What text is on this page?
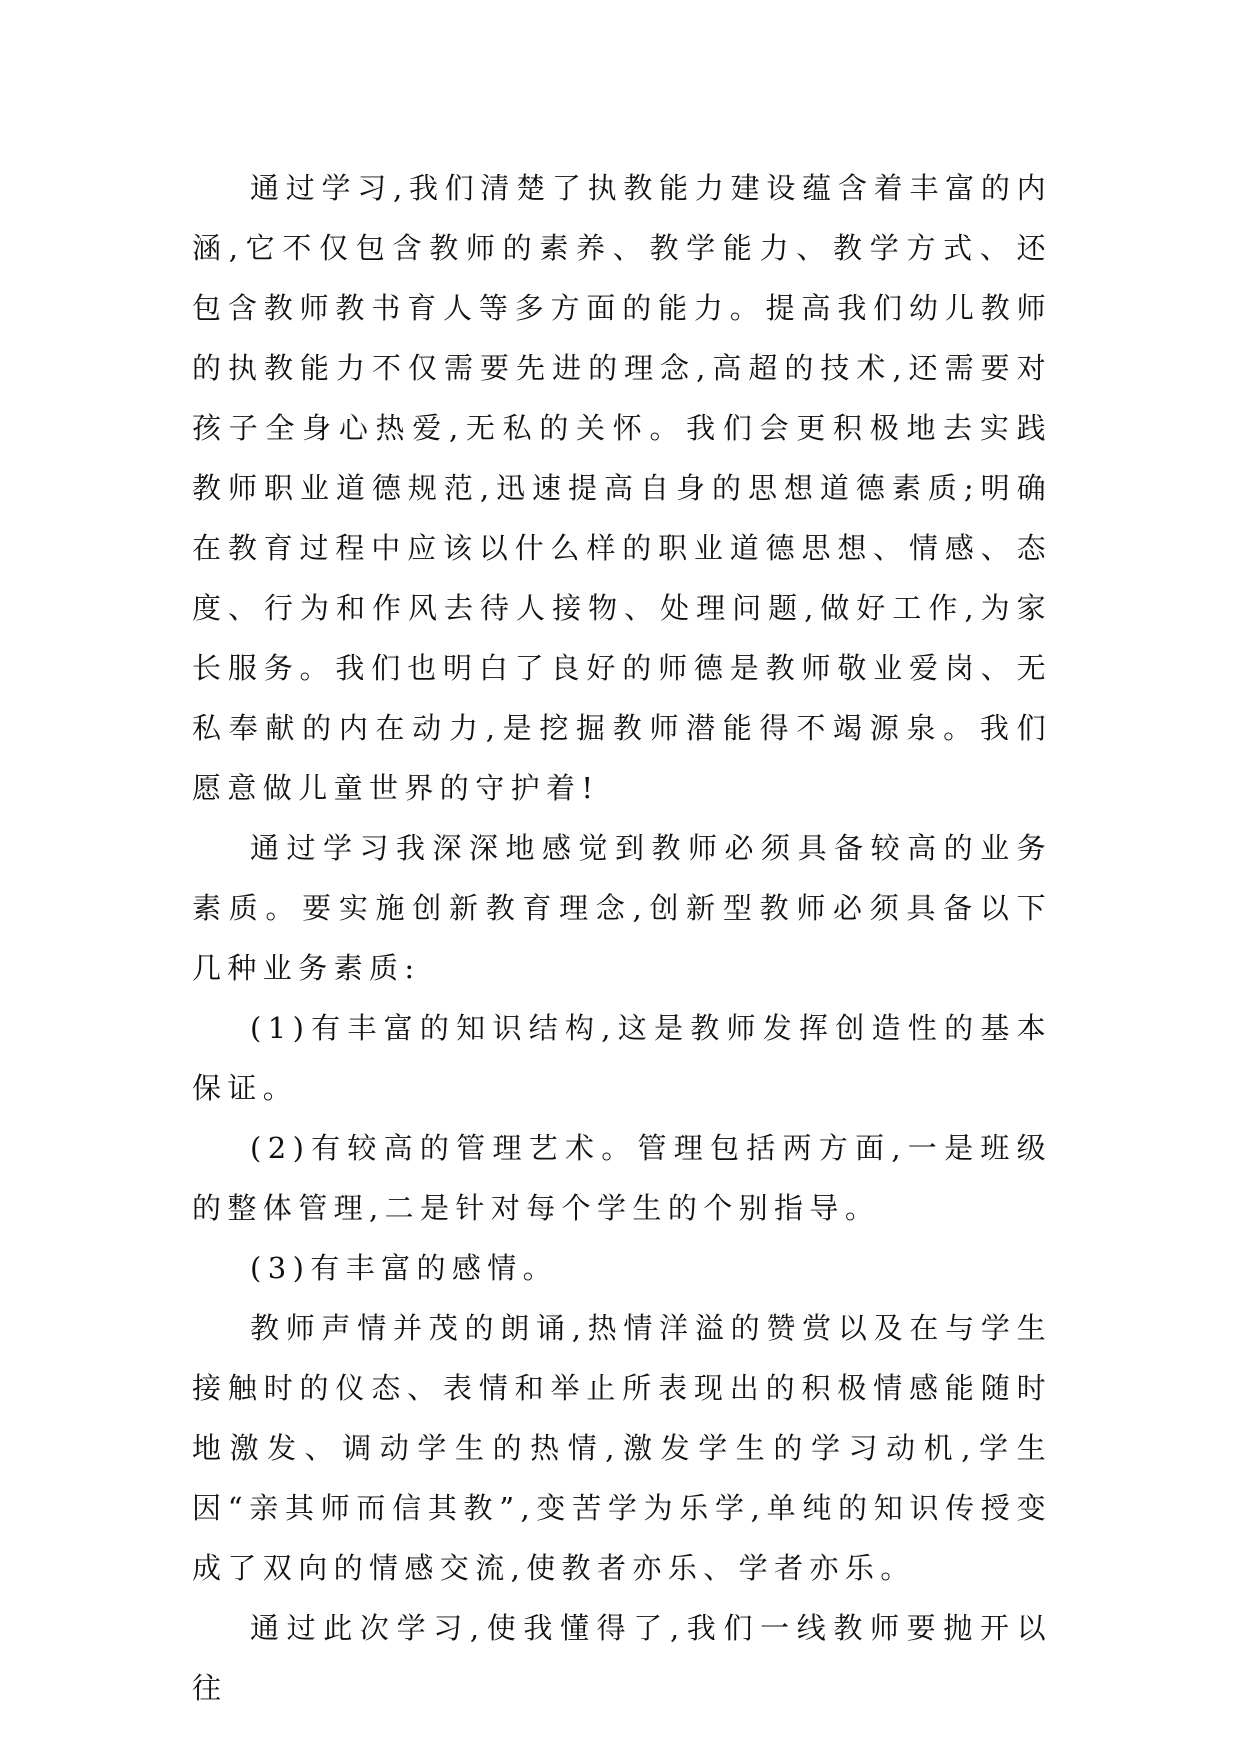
通过学习,我们清楚了执教能力建设蕴含着丰富的内涵,它不仅包含教师的素养、教学能力、教学方式、还包含教师教书育人等多方面的能力。提高我们幼儿教师的执教能力不仅需要先进的理念,高超的技术,还需要对孩子全身心热爱,无私的关怀。我们会更积极地去实践教师职业道德规范,迅速提高自身的思想道德素质;明确在教育过程中应该以什么样的职业道德思想、情感、态度、行为和作风去待人接物、处理问题,做好工作,为家长服务。我们也明白了良好的师德是教师敬业爱岗、无私奉献的内在动力,是挖掘教师潜能得不竭源泉。我们愿意做儿童世界的守护着!

通过学习我深深地感觉到教师必须具备较高的业务素质。要实施创新教育理念,创新型教师必须具备以下几种业务素质:

(1)有丰富的知识结构,这是教师发挥创造性的基本保证。

(2)有较高的管理艺术。管理包括两方面,一是班级的整体管理,二是针对每个学生的个别指导。

(3)有丰富的感情。

教师声情并茂的朗诵,热情洋溢的赞赏以及在与学生接触时的仪态、表情和举止所表现出的积极情感能随时地激发、调动学生的热情,激发学生的学习动机,学生因“亲其师而信其教”,变苦学为乐学,单纯的知识传授变成了双向的情感交流,使教者亦乐、学者亦乐。

通过此次学习,使我懂得了,我们一线教师要抛开以往
